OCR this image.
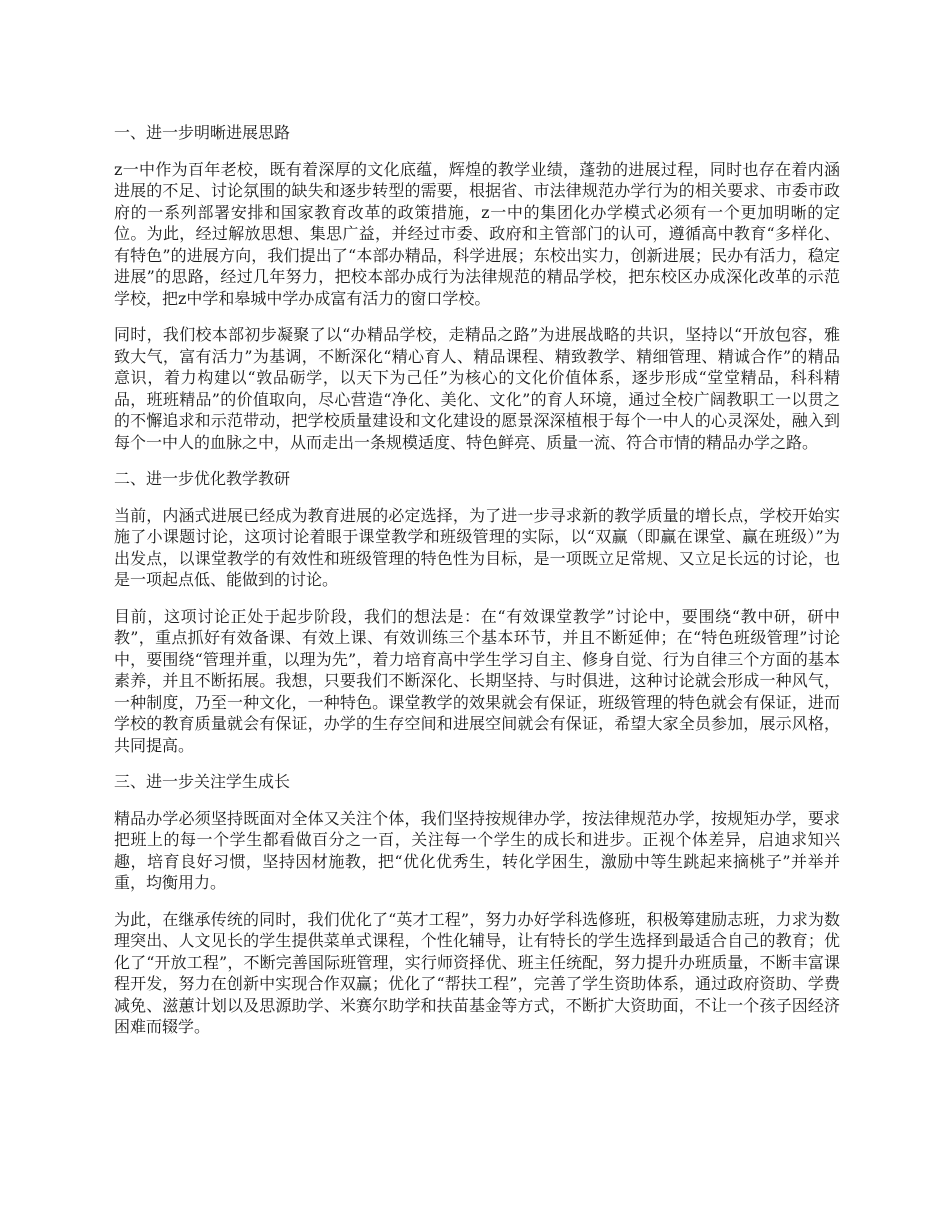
一、进一步明晰进展思路

z一中作为百年老校，既有着深厚的文化底蕴，辉煌的教学业绩，蓬勃的进展过程，同时也存在着内涵进展的不足、讨论氛围的缺失和逐步转型的需要，根据省、市法律规范办学行为的相关要求、市委市政府的一系列部署安排和国家教育改革的政策措施，z一中的集团化办学模式必须有一个更加明晰的定位。为此，经过解放思想、集思广益，并经过市委、政府和主管部门的认可，遵循高中教育“多样化、有特色”的进展方向，我们提出了“本部办精品，科学进展；东校出实力，创新进展；民办有活力，稳定进展”的思路，经过几年努力，把校本部办成行为法律规范的精品学校，把东校区办成深化改革的示范学校，把z中学和皋城中学办成富有活力的窗口学校。

同时，我们校本部初步凝聚了以“办精品学校，走精品之路”为进展战略的共识，坚持以“开放包容，雅致大气，富有活力”为基调，不断深化“精心育人、精品课程、精致教学、精细管理、精诚合作”的精品意识，着力构建以“敦品砺学，以天下为己任”为核心的文化价值体系，逐步形成“堂堂精品，科科精品，班班精品”的价值取向，尽心营造“净化、美化、文化”的育人环境，通过全校广阔教职工一以贯之的不懈追求和示范带动，把学校质量建设和文化建设的愿景深深植根于每个一中人的心灵深处，融入到每个一中人的血脉之中，从而走出一条规模适度、特色鲜亮、质量一流、符合市情的精品办学之路。

二、进一步优化教学教研

当前，内涵式进展已经成为教育进展的必定选择，为了进一步寻求新的教学质量的增长点，学校开始实施了小课题讨论，这项讨论着眼于课堂教学和班级管理的实际，以“双赢（即赢在课堂、赢在班级）”为出发点，以课堂教学的有效性和班级管理的特色性为目标，是一项既立足常规、又立足长远的讨论，也是一项起点低、能做到的讨论。

目前，这项讨论正处于起步阶段，我们的想法是：在“有效课堂教学”讨论中，要围绕“教中研，研中教”，重点抓好有效备课、有效上课、有效训练三个基本环节，并且不断延伸；在“特色班级管理”讨论中，要围绕“管理并重，以理为先”，着力培育高中学生学习自主、修身自觉、行为自律三个方面的基本素养，并且不断拓展。我想，只要我们不断深化、长期坚持、与时俱进，这种讨论就会形成一种风气，一种制度，乃至一种文化，一种特色。课堂教学的效果就会有保证，班级管理的特色就会有保证，进而学校的教育质量就会有保证，办学的生存空间和进展空间就会有保证，希望大家全员参加，展示风格，共同提高。

三、进一步关注学生成长

精品办学必须坚持既面对全体又关注个体，我们坚持按规律办学，按法律规范办学，按规矩办学，要求把班上的每一个学生都看做百分之一百，关注每一个学生的成长和进步。正视个体差异，启迪求知兴趣，培育良好习惯，坚持因材施教，把“优化优秀生，转化学困生，激励中等生跳起来摘桃子”并举并重，均衡用力。

为此，在继承传统的同时，我们优化了“英才工程”，努力办好学科选修班，积极筹建励志班，力求为数理突出、人文见长的学生提供菜单式课程，个性化辅导，让有特长的学生选择到最适合自己的教育；优化了“开放工程”，不断完善国际班管理，实行师资择优、班主任统配，努力提升办班质量，不断丰富课程开发，努力在创新中实现合作双赢；优化了“帮扶工程”，完善了学生资助体系，通过政府资助、学费减免、滋蕙计划以及思源助学、米赛尔助学和扶苗基金等方式，不断扩大资助面，不让一个孩子因经济困难而辍学。
